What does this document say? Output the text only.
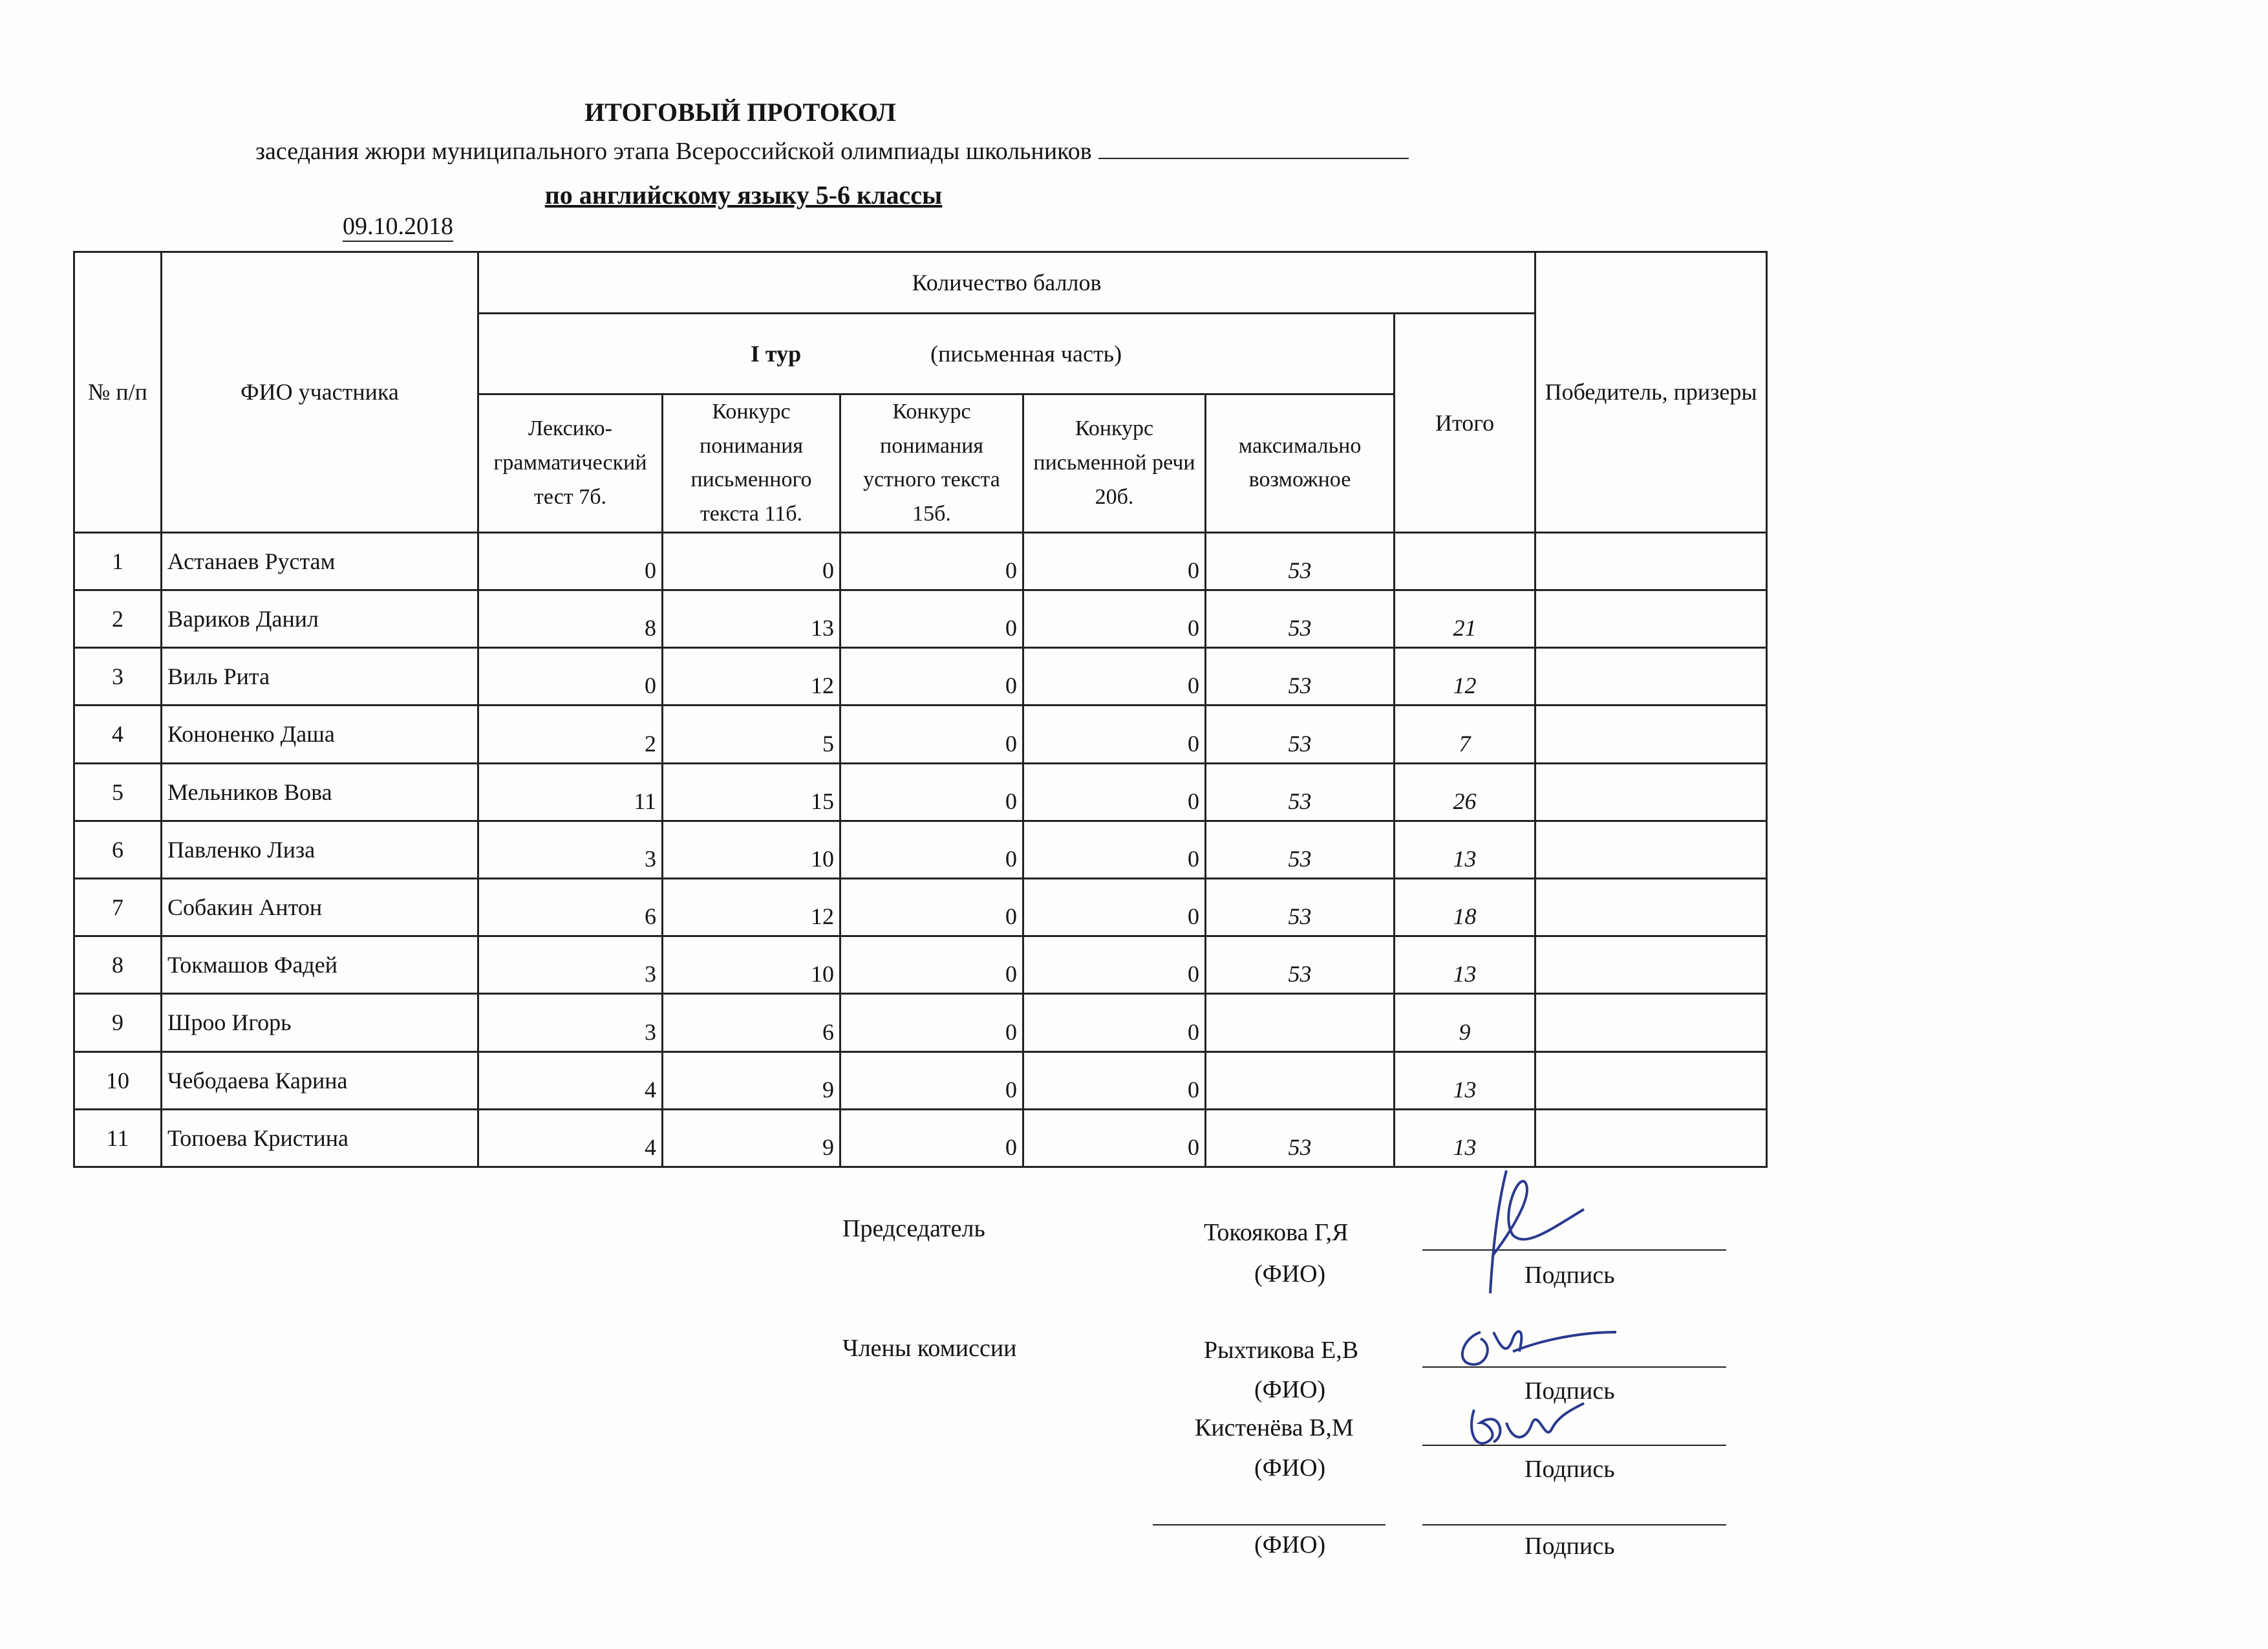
ИТОГОВЫЙ ПРОТОКОЛ
заседания жюри муниципального этапа Всероссийской олимпиады школьников
по английскому языку 5-6 классы
09.10.2018
№ п/п	ФИО участника	Количество баллов						Победитель, призеры
		I тур (письменная часть)					Итого	
		Лексико-грамматический тест 7б.	Конкурс понимания письменного текста 11б.	Конкурс понимания устного текста 15б.	Конкурс письменной речи 20б.	максимально возможное		
1	Астанаев Рустам	0	0	0	0	53		
2	Вариков Данил	8	13	0	0	53	21	
3	Виль Рита	0	12	0	0	53	12	
4	Кононенко Даша	2	5	0	0	53	7	
5	Мельников Вова	11	15	0	0	53	26	
6	Павленко Лиза	3	10	0	0	53	13	
7	Собакин Антон	6	12	0	0	53	18	
8	Токмашов Фадей	3	10	0	0	53	13	
9	Шроо Игорь	3	6	0	0		9	
10	Чебодаева Карина	4	9	0	0		13	
11	Топоева Кристина	4	9	0	0	53	13	
Председатель	Токоякова Г,Я
(ФИО)	Подпись
Члены комиссии	Рыхтикова Е,В
(ФИО)	Подпись
Кистенёва В,М
(ФИО)	Подпись
(ФИО)	Подпись
